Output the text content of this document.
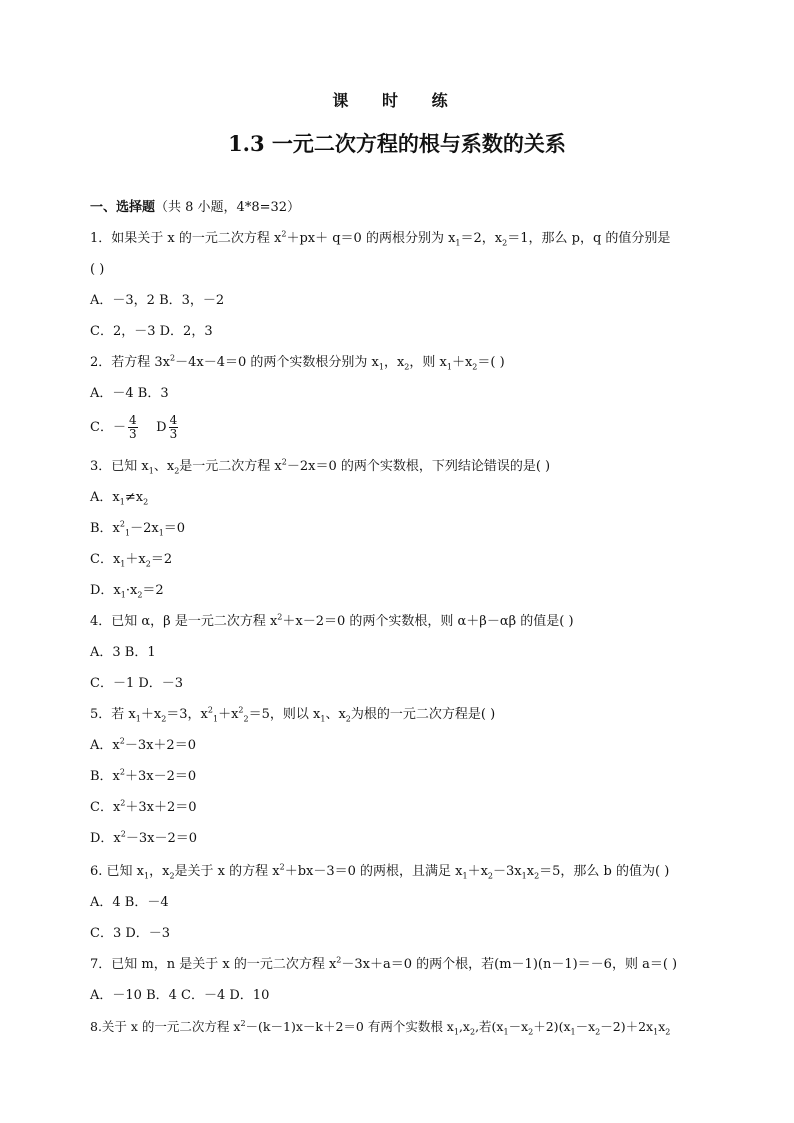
课 时 练
1.3 一元二次方程的根与系数的关系
一、选择题（共 8 小题，4*8=32）
1．如果关于 x 的一元二次方程 $x^2+px+ q=0$ 的两根分别为 $x_1=2$，$x_2=1$，那么 p，q 的值分别是
( )
A．－3，2 B．3，－2
C．2，－3 D．2，3
2．若方程 $3x^2-4x-4=0$ 的两个实数根分别为 $x_1$，$x_2$，则 $x_1+x_2=$( )
A．－4 B．3
C．－ $\frac{4}{3}$ D $\frac{4}{3}$
3．已知 $x_1$、$x_2$是一元二次方程 $x^2-2x=0$ 的两个实数根，下列结论错误的是( )
A．$x_1\ne x_2$
B．$x^2_1-2x_1=0$
C．$x_1+x_2=2$
D．$x_1\cdot x_2=2$
4．已知 α，β 是一元二次方程 $x^2+x-2=0$ 的两个实数根，则 α＋β－αβ 的值是( )
A．3 B．1
C．－1 D．－3
5．若 $x_1+x_2=3$，$x^2_1+x^2_2=5$，则以 $x_1$、$x_2$为根的一元二次方程是( )
A．$x^2-3x+2=0$
B．$x^2+3x-2=0$
C．$x^2+3x+2=0$
D．$x^2-3x-2=0$
6. 已知 $x_1$，$x_2$是关于 x 的方程 $x^2+bx-3=0$ 的两根，且满足 $x_1+x_2-3x_1x_2=5$，那么 b 的值为( )
A．4 B．－4
C．3 D．－3
7．已知 m，n 是关于 x 的一元二次方程 $x^2-3x+a=0$ 的两个根，若(m－1)(n－1)＝－6，则 a＝( )
A．－10 B．4 C．－4 D．10
8.关于 x 的一元二次方程 $x^2-(k-1)x-k+2=0$ 有两个实数根 $x_1,x_2$,若$(x_1-x_2+2)(x_1-x_2-2)+2x_1x_2$
